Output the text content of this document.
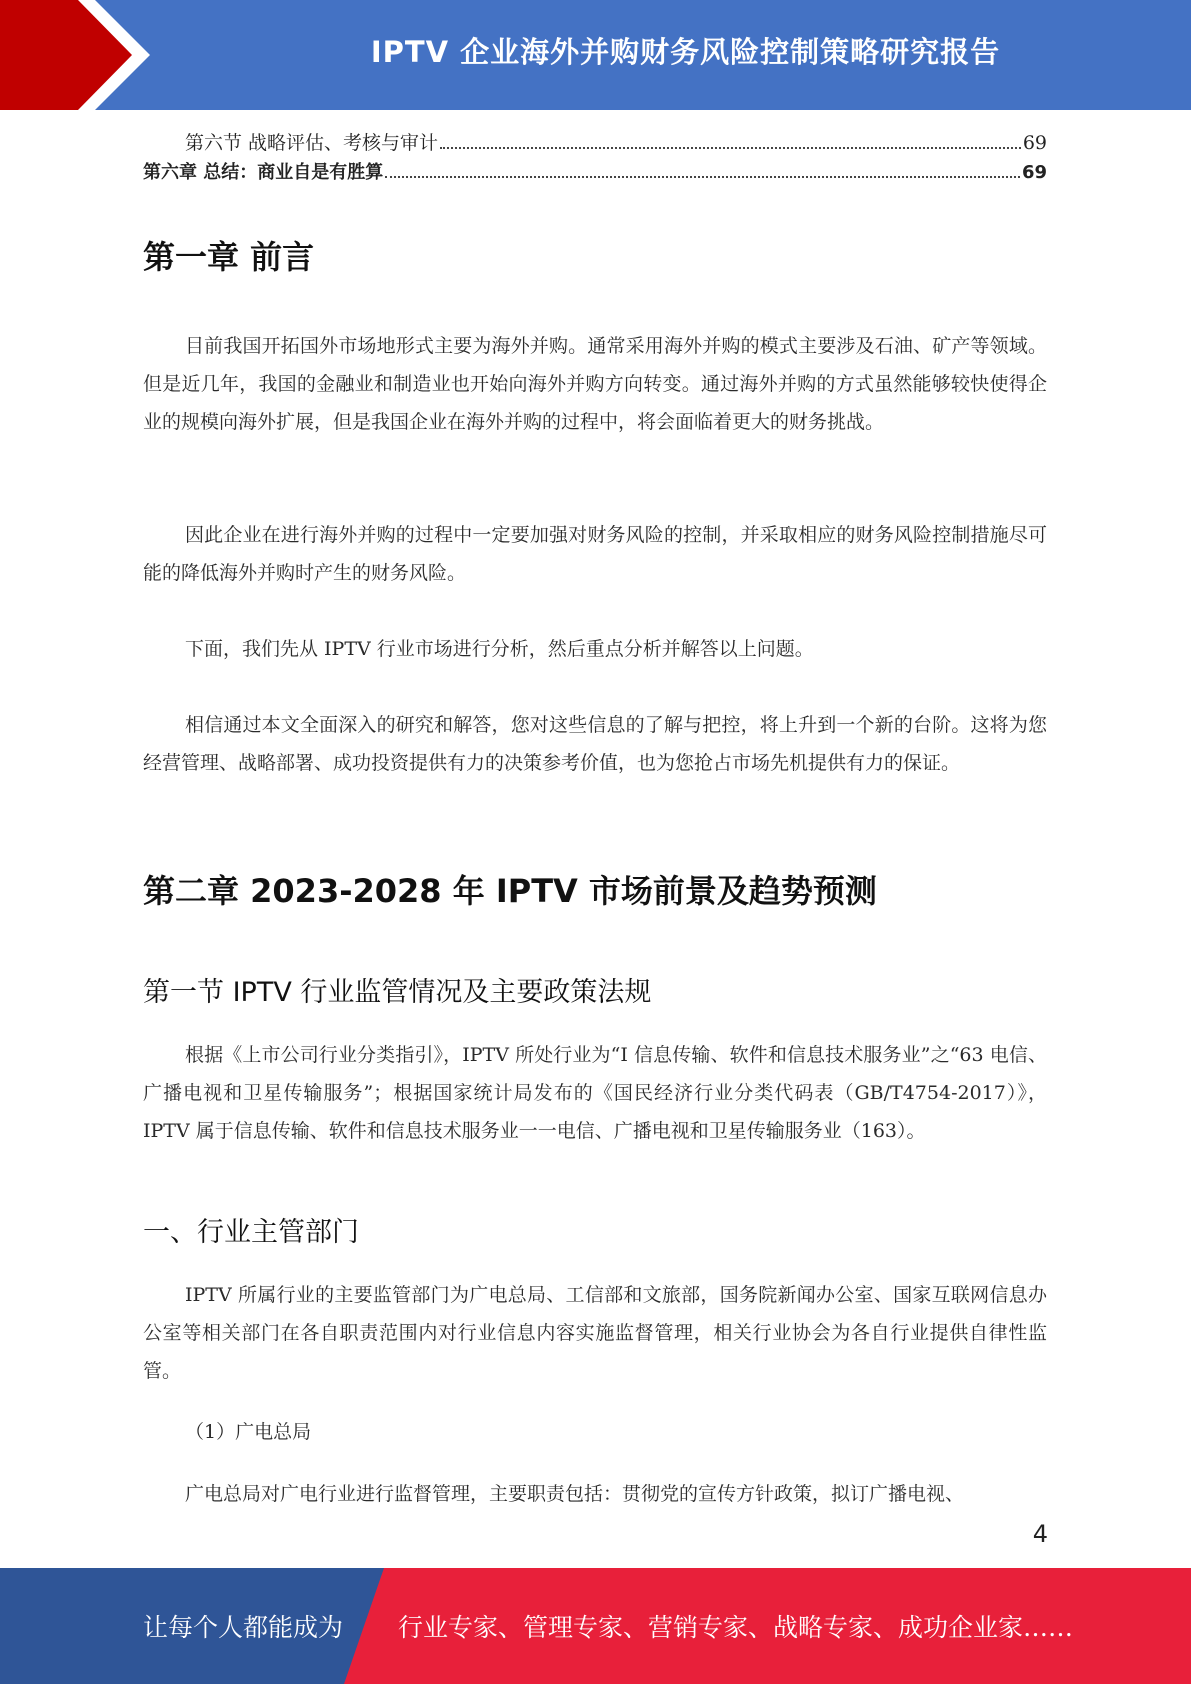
IPTV 企业海外并购财务风险控制策略研究报告
第六节 战略评估、考核与审计	69
第六章 总结：商业自是有胜算	69
第一章 前言
目前我国开拓国外市场地形式主要为海外并购。通常采用海外并购的模式主要涉及石油、矿产等领域。但是近几年，我国的金融业和制造业也开始向海外并购方向转变。通过海外并购的方式虽然能够较快使得企业的规模向海外扩展，但是我国企业在海外并购的过程中，将会面临着更大的财务挑战。
因此企业在进行海外并购的过程中一定要加强对财务风险的控制，并采取相应的财务风险控制措施尽可能的降低海外并购时产生的财务风险。
下面，我们先从 IPTV 行业市场进行分析，然后重点分析并解答以上问题。
相信通过本文全面深入的研究和解答，您对这些信息的了解与把控，将上升到一个新的台阶。这将为您经营管理、战略部署、成功投资提供有力的决策参考价值，也为您抢占市场先机提供有力的保证。
第二章 2023-2028 年 IPTV 市场前景及趋势预测
第一节 IPTV 行业监管情况及主要政策法规
根据《上市公司行业分类指引》，IPTV 所处行业为“I 信息传输、软件和信息技术服务业”之“63 电信、广播电视和卫星传输服务”；根据国家统计局发布的《国民经济行业分类代码表（GB/T4754-2017）》，IPTV 属于信息传输、软件和信息技术服务业一一电信、广播电视和卫星传输服务业（163）。
一、行业主管部门
IPTV 所属行业的主要监管部门为广电总局、工信部和文旅部，国务院新闻办公室、国家互联网信息办公室等相关部门在各自职责范围内对行业信息内容实施监督管理，相关行业协会为各自行业提供自律性监管。
（1）广电总局
广电总局对广电行业进行监督管理，主要职责包括：贯彻党的宣传方针政策，拟订广播电视、
4
让每个人都能成为 行业专家、管理专家、营销专家、战略专家、成功企业家……
